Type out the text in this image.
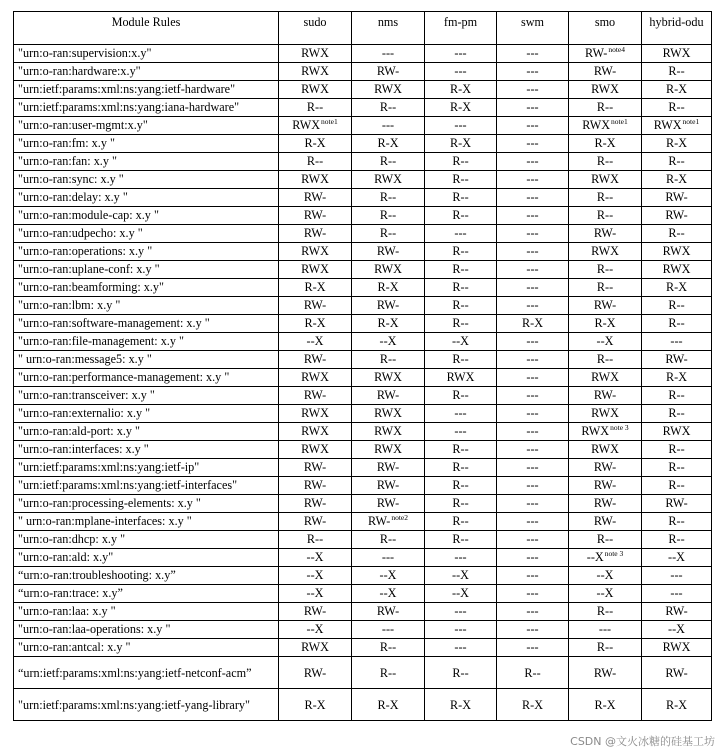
Module Rules	sudo	nms	fm-pm	swm	smo	hybrid-odu
"urn:o-ran:supervision:x.y"	RWX	---	---	---	RW-$^{note4}$	RWX
"urn:o-ran:hardware:x.y"	RWX	RW-	---	---	RW-	R--
"urn:ietf:params:xml:ns:yang:ietf-hardware"	RWX	RWX	R-X	---	RWX	R-X
"urn:ietf:params:xml:ns:yang:iana-hardware"	R--	R--	R-X	---	R--	R--
"urn:o-ran:user-mgmt:x.y"	RWX$^{note1}$	---	---	---	RWX$^{note1}$	RWX$^{note1}$
"urn:o-ran:fm: x.y "	R-X	R-X	R-X	---	R-X	R-X
"urn:o-ran:fan: x.y "	R--	R--	R--	---	R--	R--
"urn:o-ran:sync: x.y "	RWX	RWX	R--	---	RWX	R-X
"urn:o-ran:delay: x.y "	RW-	R--	R--	---	R--	RW-
"urn:o-ran:module-cap: x.y "	RW-	R--	R--	---	R--	RW-
"urn:o-ran:udpecho: x.y "	RW-	R--	---	---	RW-	R--
"urn:o-ran:operations: x.y "	RWX	RW-	R--	---	RWX	RWX
"urn:o-ran:uplane-conf: x.y "	RWX	RWX	R--	---	R--	RWX
"urn:o-ran:beamforming: x.y"	R-X	R-X	R--	---	R--	R-X
"urn:o-ran:lbm: x.y "	RW-	RW-	R--	---	RW-	R--
"urn:o-ran:software-management: x.y "	R-X	R-X	R--	R-X	R-X	R--
"urn:o-ran:file-management: x.y "	--X	--X	--X	---	--X	---
" urn:o-ran:message5: x.y "	RW-	R--	R--	---	R--	RW-
"urn:o-ran:performance-management: x.y "	RWX	RWX	RWX	---	RWX	R-X
"urn:o-ran:transceiver: x.y "	RW-	RW-	R--	---	RW-	R--
"urn:o-ran:externalio: x.y "	RWX	RWX	---	---	RWX	R--
"urn:o-ran:ald-port: x.y "	RWX	RWX	---	---	RWX$^{note 3}$	RWX
"urn:o-ran:interfaces: x.y "	RWX	RWX	R--	---	RWX	R--
"urn:ietf:params:xml:ns:yang:ietf-ip"	RW-	RW-	R--	---	RW-	R--
"urn:ietf:params:xml:ns:yang:ietf-interfaces"	RW-	RW-	R--	---	RW-	R--
"urn:o-ran:processing-elements: x.y "	RW-	RW-	R--	---	RW-	RW-
" urn:o-ran:mplane-interfaces: x.y "	RW-	RW-$^{note2}$	R--	---	RW-	R--
"urn:o-ran:dhcp: x.y "	R--	R--	R--	---	R--	R--
"urn:o-ran:ald: x.y"	--X	---	---	---	--X$^{note 3}$	--X
“urn:o-ran:troubleshooting: x.y”	--X	--X	--X	---	--X	---
“urn:o-ran:trace: x.y”	--X	--X	--X	---	--X	---
"urn:o-ran:laa: x.y "	RW-	RW-	---	---	R--	RW-
"urn:o-ran:laa-operations: x.y "	--X	---	---	---	---	--X
"urn:o-ran:antcal: x.y "	RWX	R--	---	---	R--	RWX
“urn:ietf:params:xml:ns:yang:ietf-netconf-acm”	RW-	R--	R--	R--	RW-	RW-
"urn:ietf:params:xml:ns:yang:ietf-yang-library"	R-X	R-X	R-X	R-X	R-X	R-X
CSDN @文火冰糖的硅基工坊
